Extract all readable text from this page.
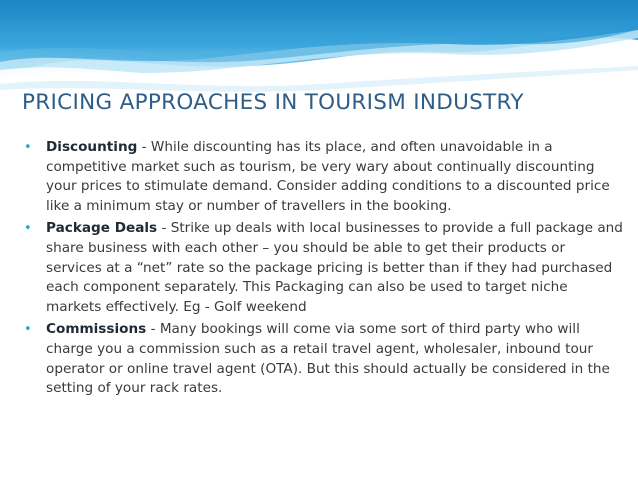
PRICING APPROACHES IN TOURISM INDUSTRY
• Discounting - While discounting has its place, and often unavoidable in a competitive market such as tourism, be very wary about continually discounting your prices to stimulate demand. Consider adding conditions to a discounted price like a minimum stay or number of travellers in the booking.
• Package Deals - Strike up deals with local businesses to provide a full package and share business with each other – you should be able to get their products or services at a “net” rate so the package pricing is better than if they had purchased each component separately. This Packaging can also be used to target niche markets effectively. Eg - Golf weekend
• Commissions - Many bookings will come via some sort of third party who will charge you a commission such as a retail travel agent, wholesaler, inbound tour operator or online travel agent (OTA). But this should actually be considered in the setting of your rack rates.
